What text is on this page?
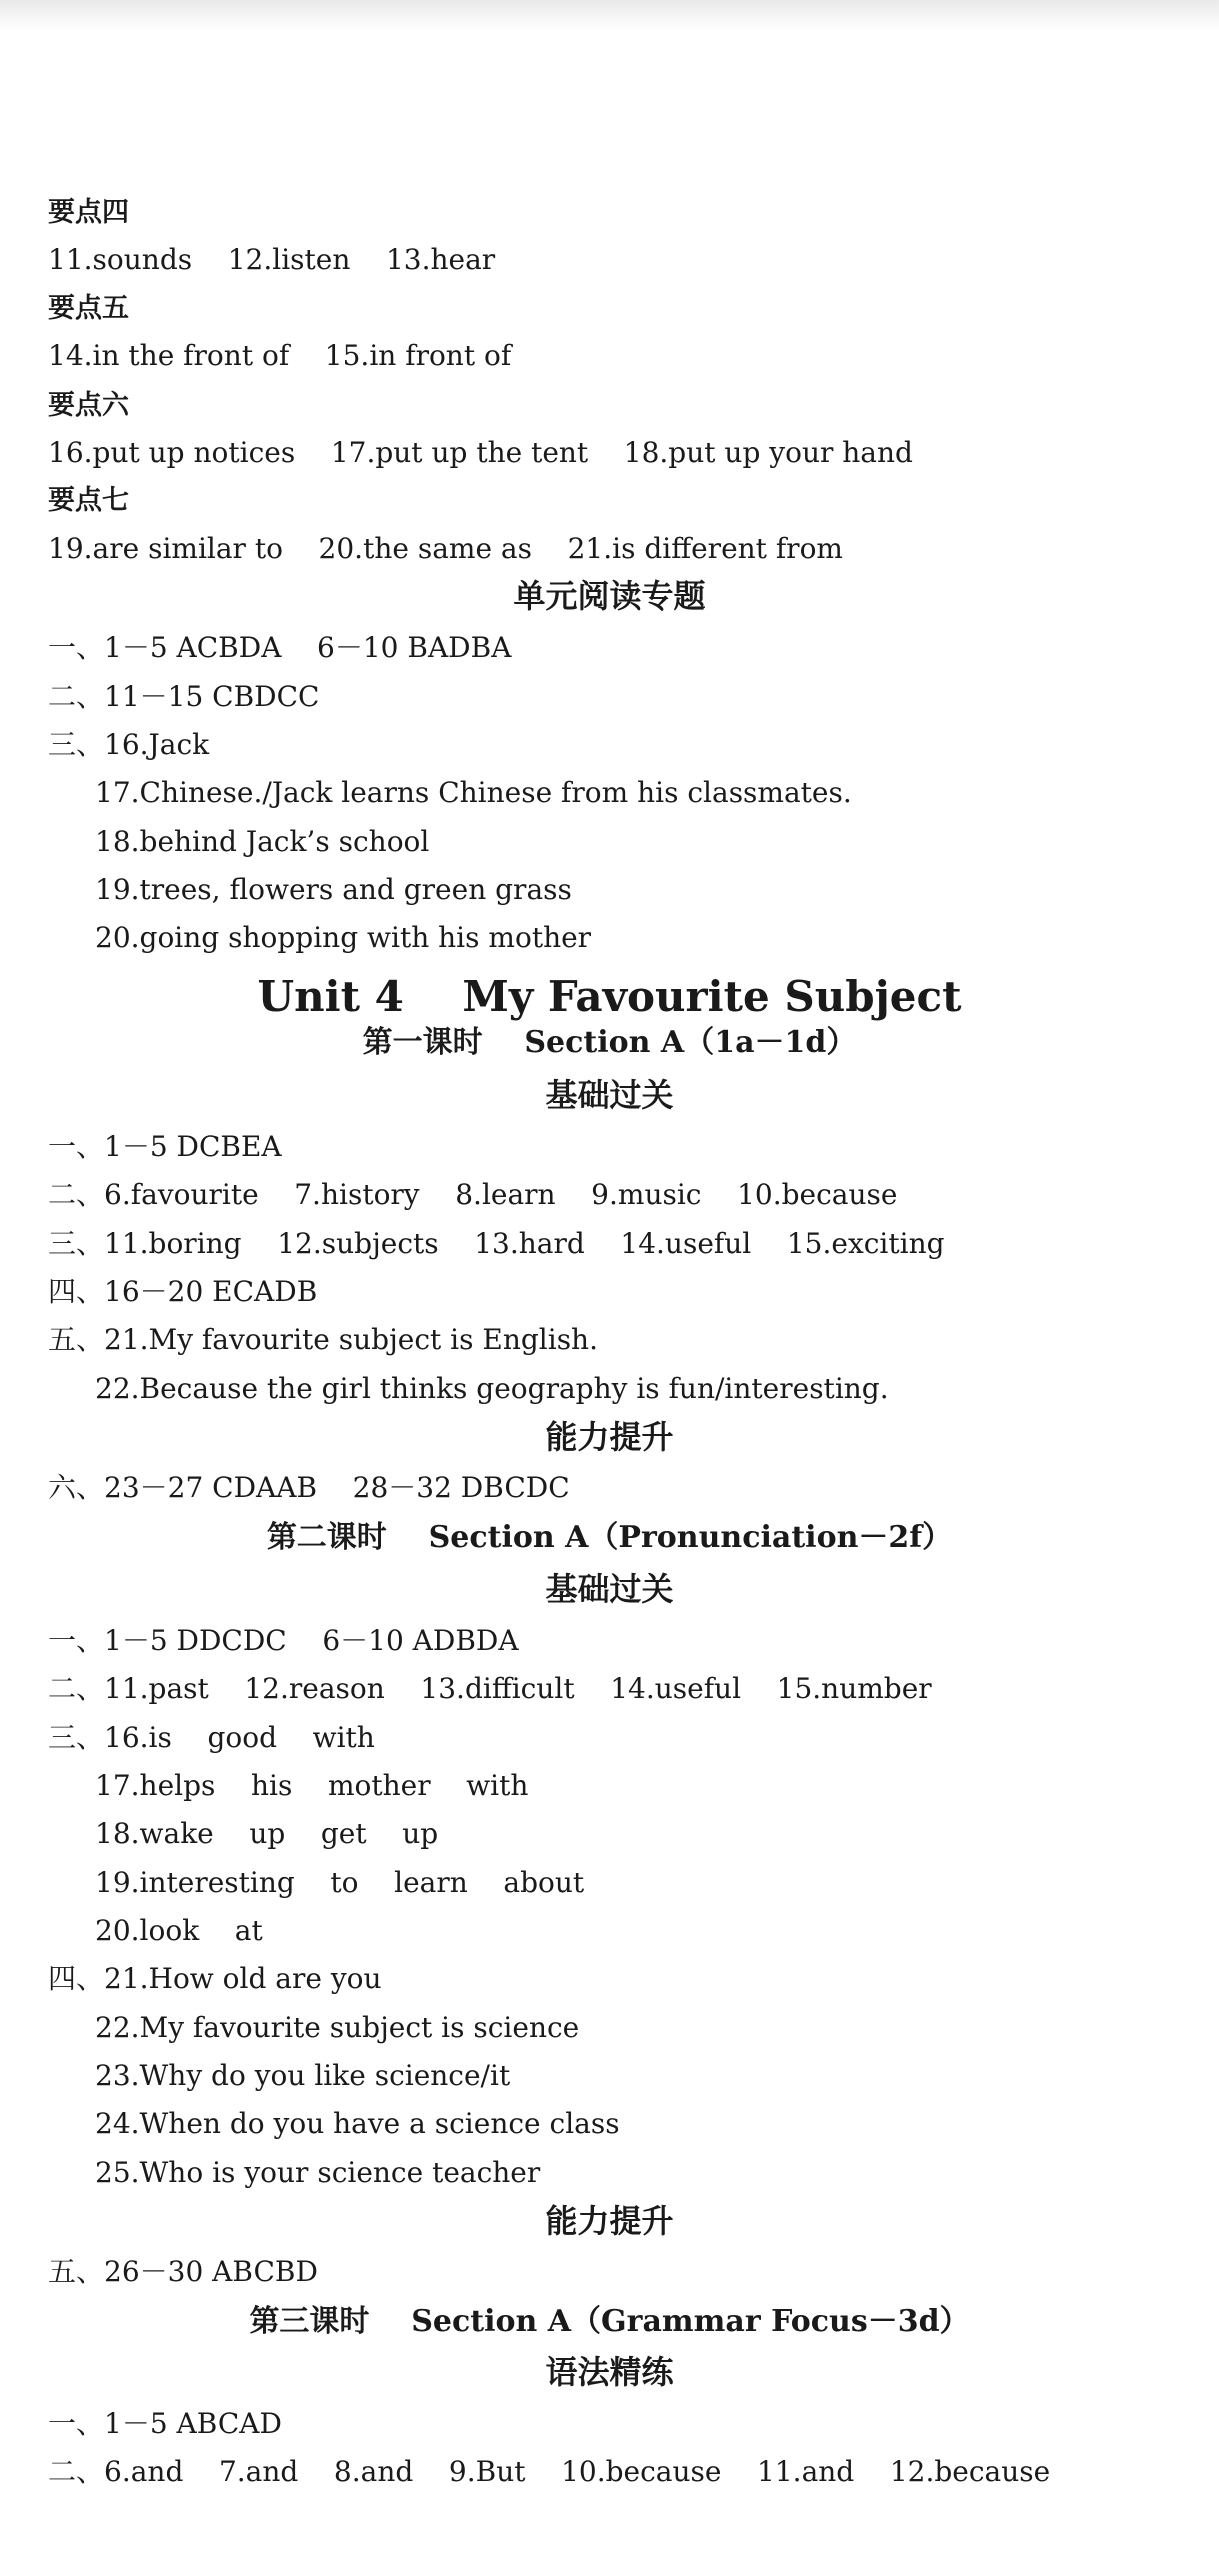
要点四
11.sounds    12.listen    13.hear
要点五
14.in the front of    15.in front of
要点六
16.put up notices    17.put up the tent    18.put up your hand
要点七
19.are similar to    20.the same as    21.is different from
单元阅读专题
一、1－5 ACBDA    6－10 BADBA
二、11－15 CBDCC
三、16.Jack
17.Chinese./Jack learns Chinese from his classmates.
18.behind Jack’s school
19.trees, flowers and green grass
20.going shopping with his mother
Unit 4    My Favourite Subject
第一课时    Section A（1a－1d）
基础过关
一、1－5 DCBEA
二、6.favourite    7.history    8.learn    9.music    10.because
三、11.boring    12.subjects    13.hard    14.useful    15.exciting
四、16－20 ECADB
五、21.My favourite subject is English.
22.Because the girl thinks geography is fun/interesting.
能力提升
六、23－27 CDAAB    28－32 DBCDC
第二课时    Section A（Pronunciation－2f）
基础过关
一、1－5 DDCDC    6－10 ADBDA
二、11.past    12.reason    13.difficult    14.useful    15.number
三、16.is    good    with
17.helps    his    mother    with
18.wake    up    get    up
19.interesting    to    learn    about
20.look    at
四、21.How old are you
22.My favourite subject is science
23.Why do you like science/it
24.When do you have a science class
25.Who is your science teacher
能力提升
五、26－30 ABCBD
第三课时    Section A（Grammar Focus－3d）
语法精练
一、1－5 ABCAD
二、6.and    7.and    8.and    9.But    10.because    11.and    12.because
